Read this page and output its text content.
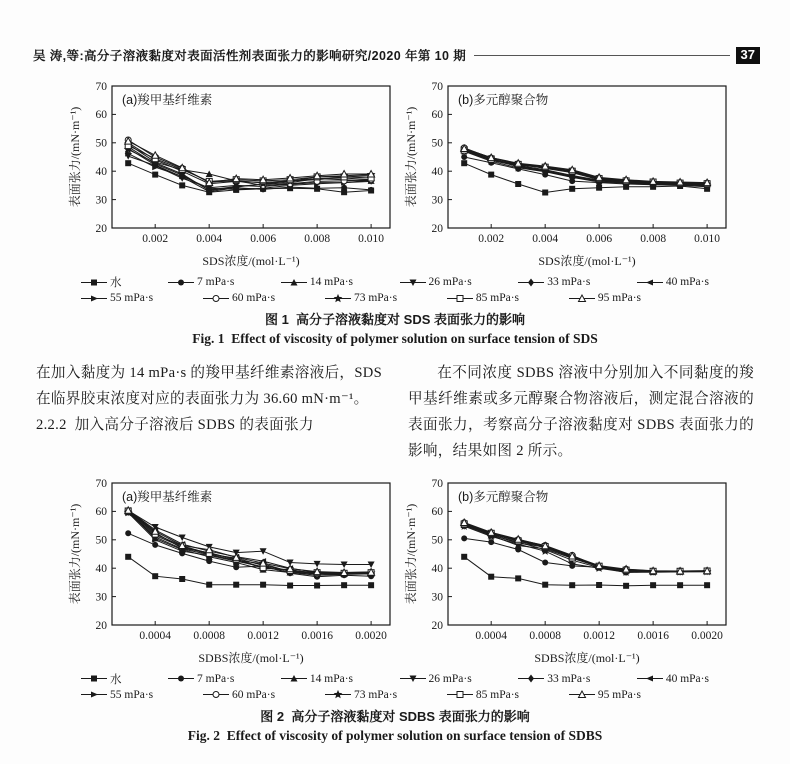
吴 涛,等:高分子溶液黏度对表面活性剂表面张力的影响研究/2020 年第 10 期	37
20
30
40
50
60
70
0.002 0.004 0.006 0.008 0.010
(a)羧甲基纤维素
SDS浓度/(mol·L⁻¹)
表面张力/(mN·m⁻¹)
20
30
40
50
60
70
0.002 0.004 0.006 0.008 0.010
(b)多元醇聚合物
SDS浓度/(mol·L⁻¹)
表面张力/(mN·m⁻¹)
水	7 mPa·s	14 mPa·s	26 mPa·s	33 mPa·s	40 mPa·s
55 mPa·s	60 mPa·s	73 mPa·s	85 mPa·s	95 mPa·s
图 1  高分子溶液黏度对 SDS 表面张力的影响
Fig. 1  Effect of viscosity of polymer solution on surface tension of SDS

在加入黏度为 14 mPa·s 的羧甲基纤维素溶液后，SDS 在临界胶束浓度对应的表面张力为 36.60 mN·m⁻¹。

2.2.2  加入高分子溶液后 SDBS 的表面张力

在不同浓度 SDBS 溶液中分别加入不同黏度的羧甲基纤维素或多元醇聚合物溶液后，测定混合溶液的表面张力，考察高分子溶液黏度对 SDBS 表面张力的影响，结果如图 2 所示。

20
30
40
50
60
70
0.0004 0.0008 0.0012 0.0016 0.0020
(a)羧甲基纤维素
SDBS浓度/(mol·L⁻¹)
表面张力/(mN·m⁻¹)
20
30
40
50
60
70
0.0004 0.0008 0.0012 0.0016 0.0020
(b)多元醇聚合物
SDBS浓度/(mol·L⁻¹)
表面张力/(mN·m⁻¹)
水	7 mPa·s	14 mPa·s	26 mPa·s	33 mPa·s	40 mPa·s
55 mPa·s	60 mPa·s	73 mPa·s	85 mPa·s	95 mPa·s
图 2  高分子溶液黏度对 SDBS 表面张力的影响
Fig. 2  Effect of viscosity of polymer solution on surface tension of SDBS
